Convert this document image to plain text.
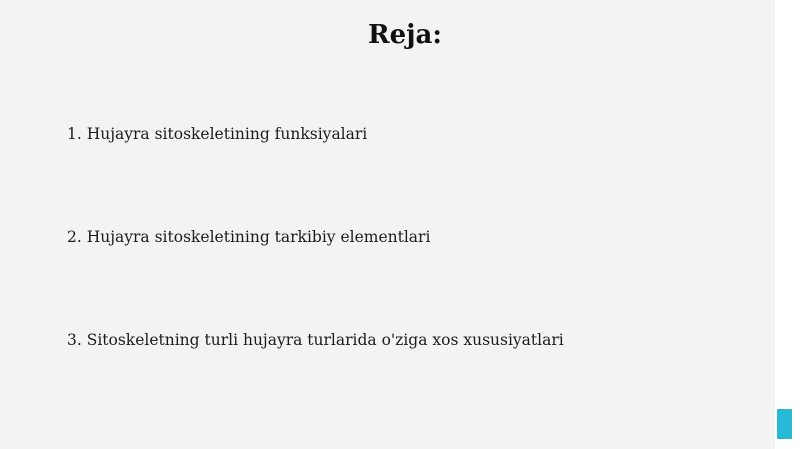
Reja:
1. Hujayra sitoskeletining funksiyalari
2. Hujayra sitoskeletining tarkibiy elementlari
3. Sitoskeletning turli hujayra turlarida o'ziga xos xususiyatlari
